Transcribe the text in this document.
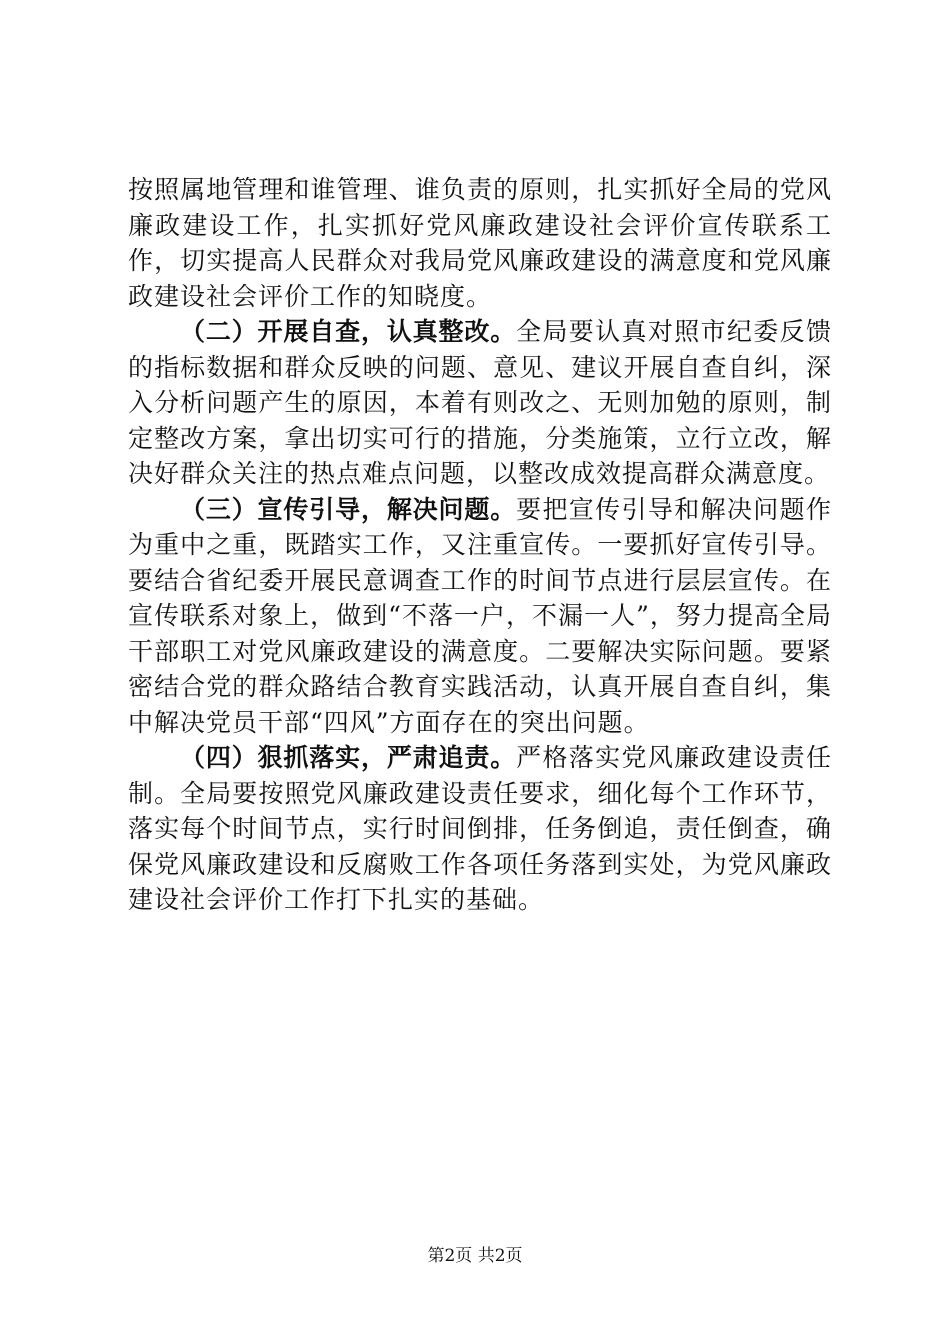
按照属地管理和谁管理、谁负责的原则，扎实抓好全局的党风廉政建设工作，扎实抓好党风廉政建设社会评价宣传联系工作，切实提高人民群众对我局党风廉政建设的满意度和党风廉政建设社会评价工作的知晓度。

（二）开展自查，认真整改。全局要认真对照市纪委反馈的指标数据和群众反映的问题、意见、建议开展自查自纠，深入分析问题产生的原因，本着有则改之、无则加勉的原则，制定整改方案，拿出切实可行的措施，分类施策，立行立改，解决好群众关注的热点难点问题，以整改成效提高群众满意度。

（三）宣传引导，解决问题。要把宣传引导和解决问题作为重中之重，既踏实工作，又注重宣传。一要抓好宣传引导。要结合省纪委开展民意调查工作的时间节点进行层层宣传。在宣传联系对象上，做到“不落一户，不漏一人”，努力提高全局干部职工对党风廉政建设的满意度。二要解决实际问题。要紧密结合党的群众路结合教育实践活动，认真开展自查自纠，集中解决党员干部“四风”方面存在的突出问题。

（四）狠抓落实，严肃追责。严格落实党风廉政建设责任制。全局要按照党风廉政建设责任要求，细化每个工作环节，落实每个时间节点，实行时间倒排，任务倒追，责任倒查，确保党风廉政建设和反腐败工作各项任务落到实处，为党风廉政建设社会评价工作打下扎实的基础。

第2页 共2页
